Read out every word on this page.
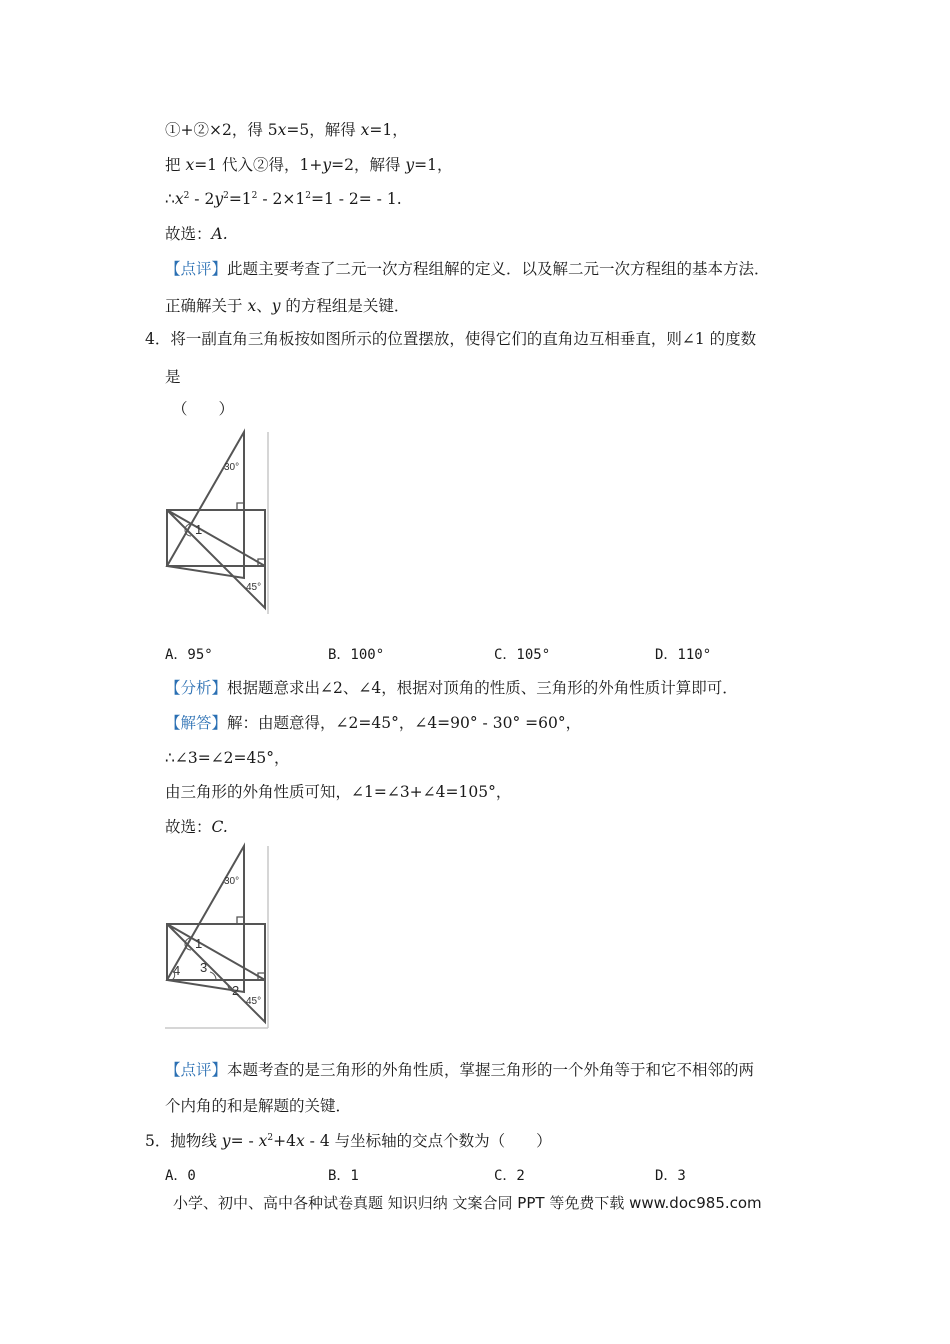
①+②×2，得 5x=5，解得 x=1，
把 x=1 代入②得，1+y=2，解得 y=1，
$\therefore x^2 - 2y^2=1^2 - 2\times 1^2=1 - 2= - 1$.
故选：A.
【点评】此题主要考查了二元一次方程组解的定义．以及解二元一次方程组的基本方法．
正确解关于 x、y 的方程组是关键．
4．将一副直角三角板按如图所示的位置摆放，使得它们的直角边互相垂直，则∠1 的度数
是
（　　）
30°
1
45°
A．95°	B．100°	C．105°	D．110°
【分析】根据题意求出∠2、∠4，根据对顶角的性质、三角形的外角性质计算即可．
【解答】解：由题意得，∠2=45°，∠4=90° - 30° =60°，
∴∠3=∠2=45°，
由三角形的外角性质可知，∠1=∠3+∠4=105°，
故选：C.
30°
1
4 3
2
45°
【点评】本题考查的是三角形的外角性质，掌握三角形的一个外角等于和它不相邻的两
个内角的和是解题的关键．
5．抛物线 $y= - x^2+4x - 4$ 与坐标轴的交点个数为（　　）
A．0	B．1	C．2	D．3
小学、初中、高中各种试卷真题 知识归纳 文案合同 PPT 等免费下载 www.doc985.com
